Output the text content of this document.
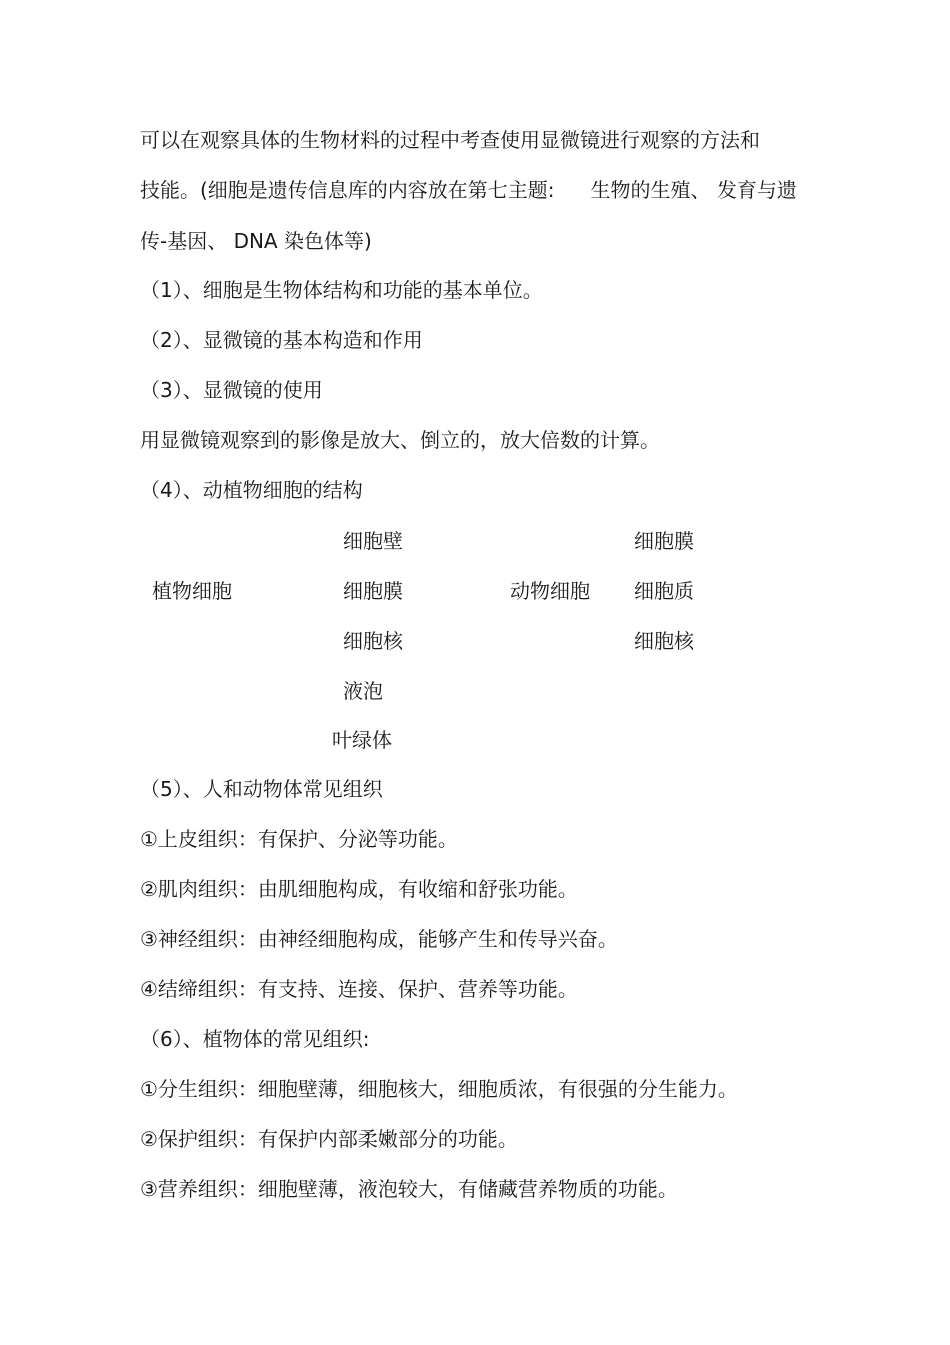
可以在观察具体的生物材料的过程中考查使用显微镜进行观察的方法和
技能。(细胞是遗传信息库的内容放在第七主题: 生物的生殖、 发育与遗
传-基因、 DNA 染色体等)
（1）、细胞是生物体结构和功能的基本单位。
（2）、显微镜的基本构造和作用
（3）、显微镜的使用
用显微镜观察到的影像是放大、倒立的，放大倍数的计算。
（4）、动植物细胞的结构
植物细胞
细胞壁
细胞膜
细胞核
液泡
叶绿体
动物细胞
细胞膜
细胞质
细胞核
（5）、人和动物体常见组织
①上皮组织：有保护、分泌等功能。
②肌肉组织：由肌细胞构成，有收缩和舒张功能。
③神经组织：由神经细胞构成，能够产生和传导兴奋。
④结缔组织：有支持、连接、保护、营养等功能。
（6）、植物体的常见组织:
①分生组织：细胞壁薄，细胞核大，细胞质浓，有很强的分生能力。
②保护组织：有保护内部柔嫩部分的功能。
③营养组织：细胞壁薄，液泡较大，有储藏营养物质的功能。
